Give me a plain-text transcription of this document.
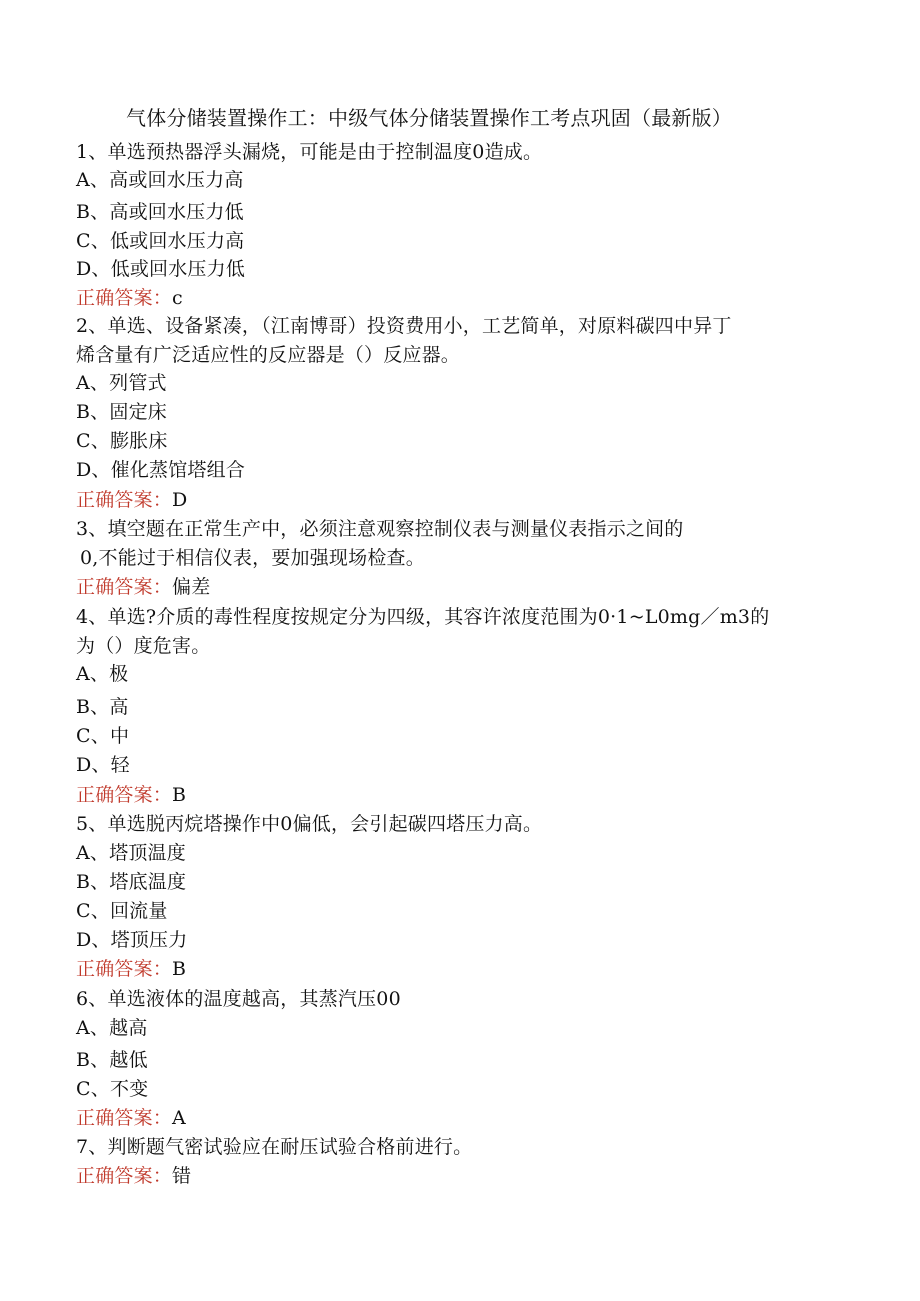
气体分储装置操作工：中级气体分储装置操作工考点巩固（最新版）
1、单选预热器浮头漏烧，可能是由于控制温度0造成。
A、高或回水压力高
B、高或回水压力低
C、低或回水压力高
D、低或回水压力低
正确答案：c
2、单选、设备紧凑，（江南博哥）投资费用小，工艺简单，对原料碳四中异丁
烯含量有广泛适应性的反应器是（）反应器。
A、列管式
B、固定床
C、膨胀床
D、催化蒸馆塔组合
正确答案：D
3、填空题在正常生产中，必须注意观察控制仪表与测量仪表指示之间的
0,不能过于相信仪表，要加强现场检查。
正确答案：偏差
4、单选?介质的毒性程度按规定分为四级，其容许浓度范围为0·1~L0mg／m3的
为（）度危害。
A、极
B、高
C、中
D、轻
正确答案：B
5、单选脱丙烷塔操作中0偏低，会引起碳四塔压力高。
A、塔顶温度
B、塔底温度
C、回流量
D、塔顶压力
正确答案：B
6、单选液体的温度越高，其蒸汽压00
A、越高
B、越低
C、不变
正确答案：A
7、判断题气密试验应在耐压试验合格前进行。
正确答案：错
